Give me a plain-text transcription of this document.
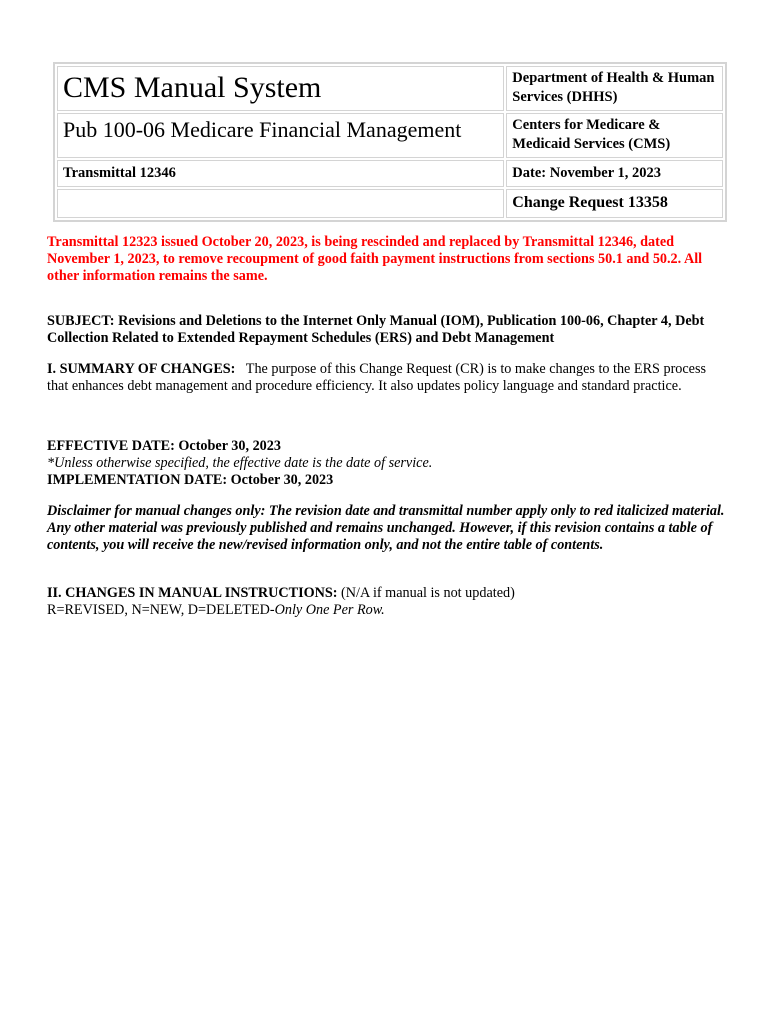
CMS Manual System	Department of Health & Human Services (DHHS)
Pub 100-06 Medicare Financial Management	Centers for Medicare & Medicaid Services (CMS)
Transmittal 12346	Date: November 1, 2023
	Change Request 13358
Transmittal 12323 issued October 20, 2023, is being rescinded and replaced by Transmittal 12346, dated November 1, 2023, to remove recoupment of good faith payment instructions from sections 50.1 and 50.2. All other information remains the same.
SUBJECT: Revisions and Deletions to the Internet Only Manual (IOM), Publication 100-06, Chapter 4, Debt Collection Related to Extended Repayment Schedules (ERS) and Debt Management
I. SUMMARY OF CHANGES: The purpose of this Change Request (CR) is to make changes to the ERS process that enhances debt management and procedure efficiency. It also updates policy language and standard practice.
EFFECTIVE DATE: October 30, 2023
*Unless otherwise specified, the effective date is the date of service.
IMPLEMENTATION DATE: October 30, 2023
Disclaimer for manual changes only: The revision date and transmittal number apply only to red italicized material. Any other material was previously published and remains unchanged. However, if this revision contains a table of contents, you will receive the new/revised information only, and not the entire table of contents.
II. CHANGES IN MANUAL INSTRUCTIONS: (N/A if manual is not updated)
R=REVISED, N=NEW, D=DELETED-Only One Per Row.
